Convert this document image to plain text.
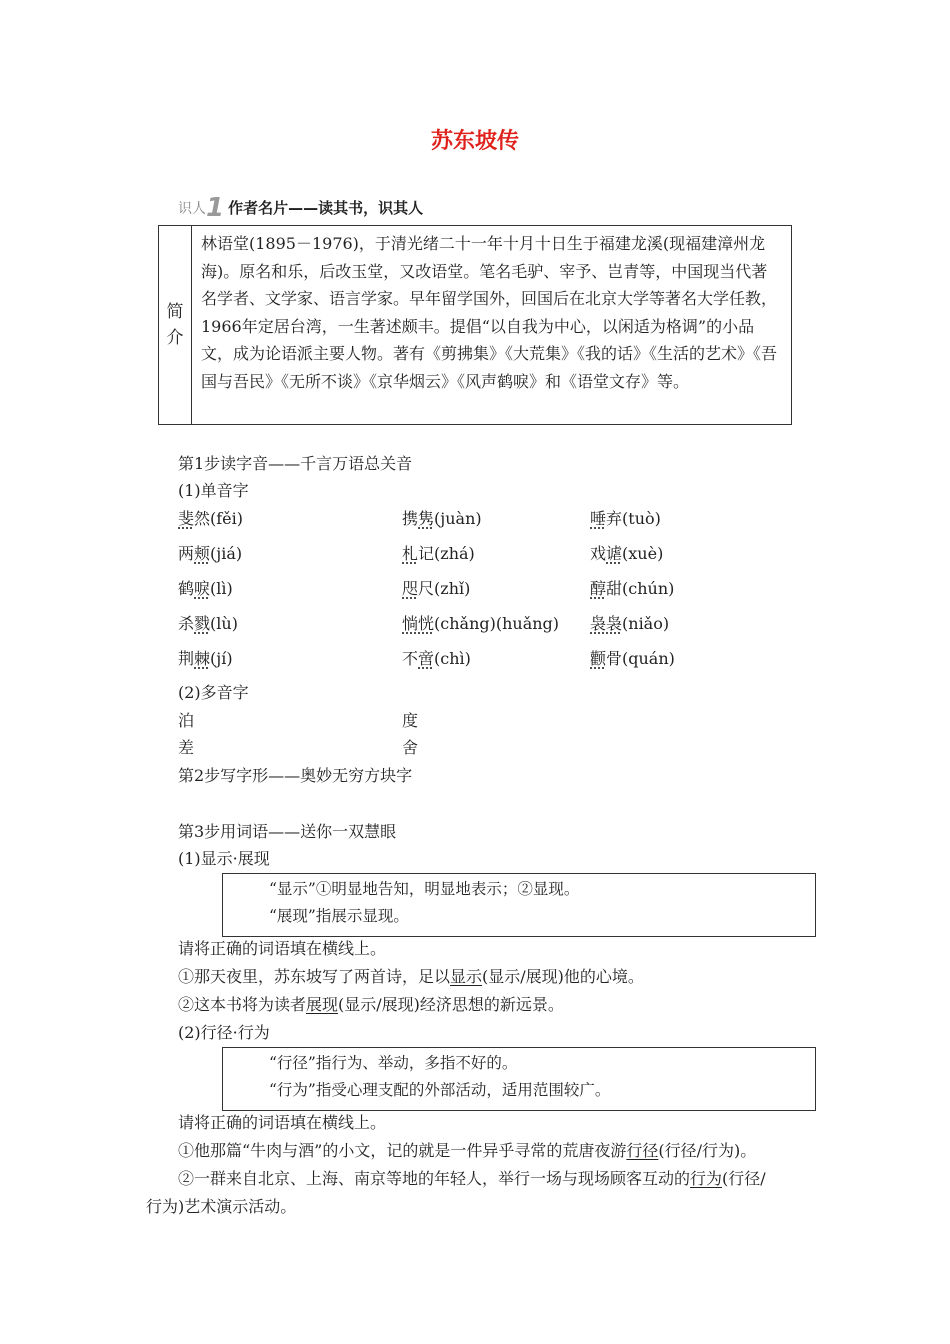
苏东坡传
识人1 作者名片——读其书，识其人
简
介
林语堂(1895－1976)，于清光绪二十一年十月十日生于福建龙溪(现福建漳州龙海)。原名和乐，后改玉堂，又改语堂。笔名毛驴、宰予、岂青等，中国现当代著名学者、文学家、语言学家。早年留学国外，回国后在北京大学等著名大学任教，1966年定居台湾，一生著述颇丰。提倡“以自我为中心，以闲适为格调”的小品文，成为论语派主要人物。著有《剪拂集》《大荒集》《我的话》《生活的艺术》《吾国与吾民》《无所不谈》《京华烟云》《风声鹤唳》和《语堂文存》等。
第1步读字音——千言万语总关音
(1)单音字
斐然(fěi)	携隽(juàn)	唾弃(tuò)
两颊(jiá)	札记(zhá)	戏谑(xuè)
鹤唳(lì)	咫尺(zhǐ)	醇甜(chún)
杀戮(lù)	惝恍(chǎng)(huǎng) 袅袅(niǎo)
荆棘(jí)	不啻(chì)	颧骨(quán)
(2)多音字
泊	度
差	舍
第2步写字形——奥妙无穷方块字
第3步用词语——送你一双慧眼
(1)显示·展现
“显示”①明显地告知，明显地表示；②显现。
“展现”指展示显现。
请将正确的词语填在横线上。
①那天夜里，苏东坡写了两首诗，足以显示(显示/展现)他的心境。
②这本书将为读者展现(显示/展现)经济思想的新远景。
(2)行径·行为
“行径”指行为、举动，多指不好的。
“行为”指受心理支配的外部活动，适用范围较广。
请将正确的词语填在横线上。
①他那篇“牛肉与酒”的小文，记的就是一件异乎寻常的荒唐夜游行径(行径/行为)。
②一群来自北京、上海、南京等地的年轻人，举行一场与现场顾客互动的行为(行径/
行为)艺术演示活动。
